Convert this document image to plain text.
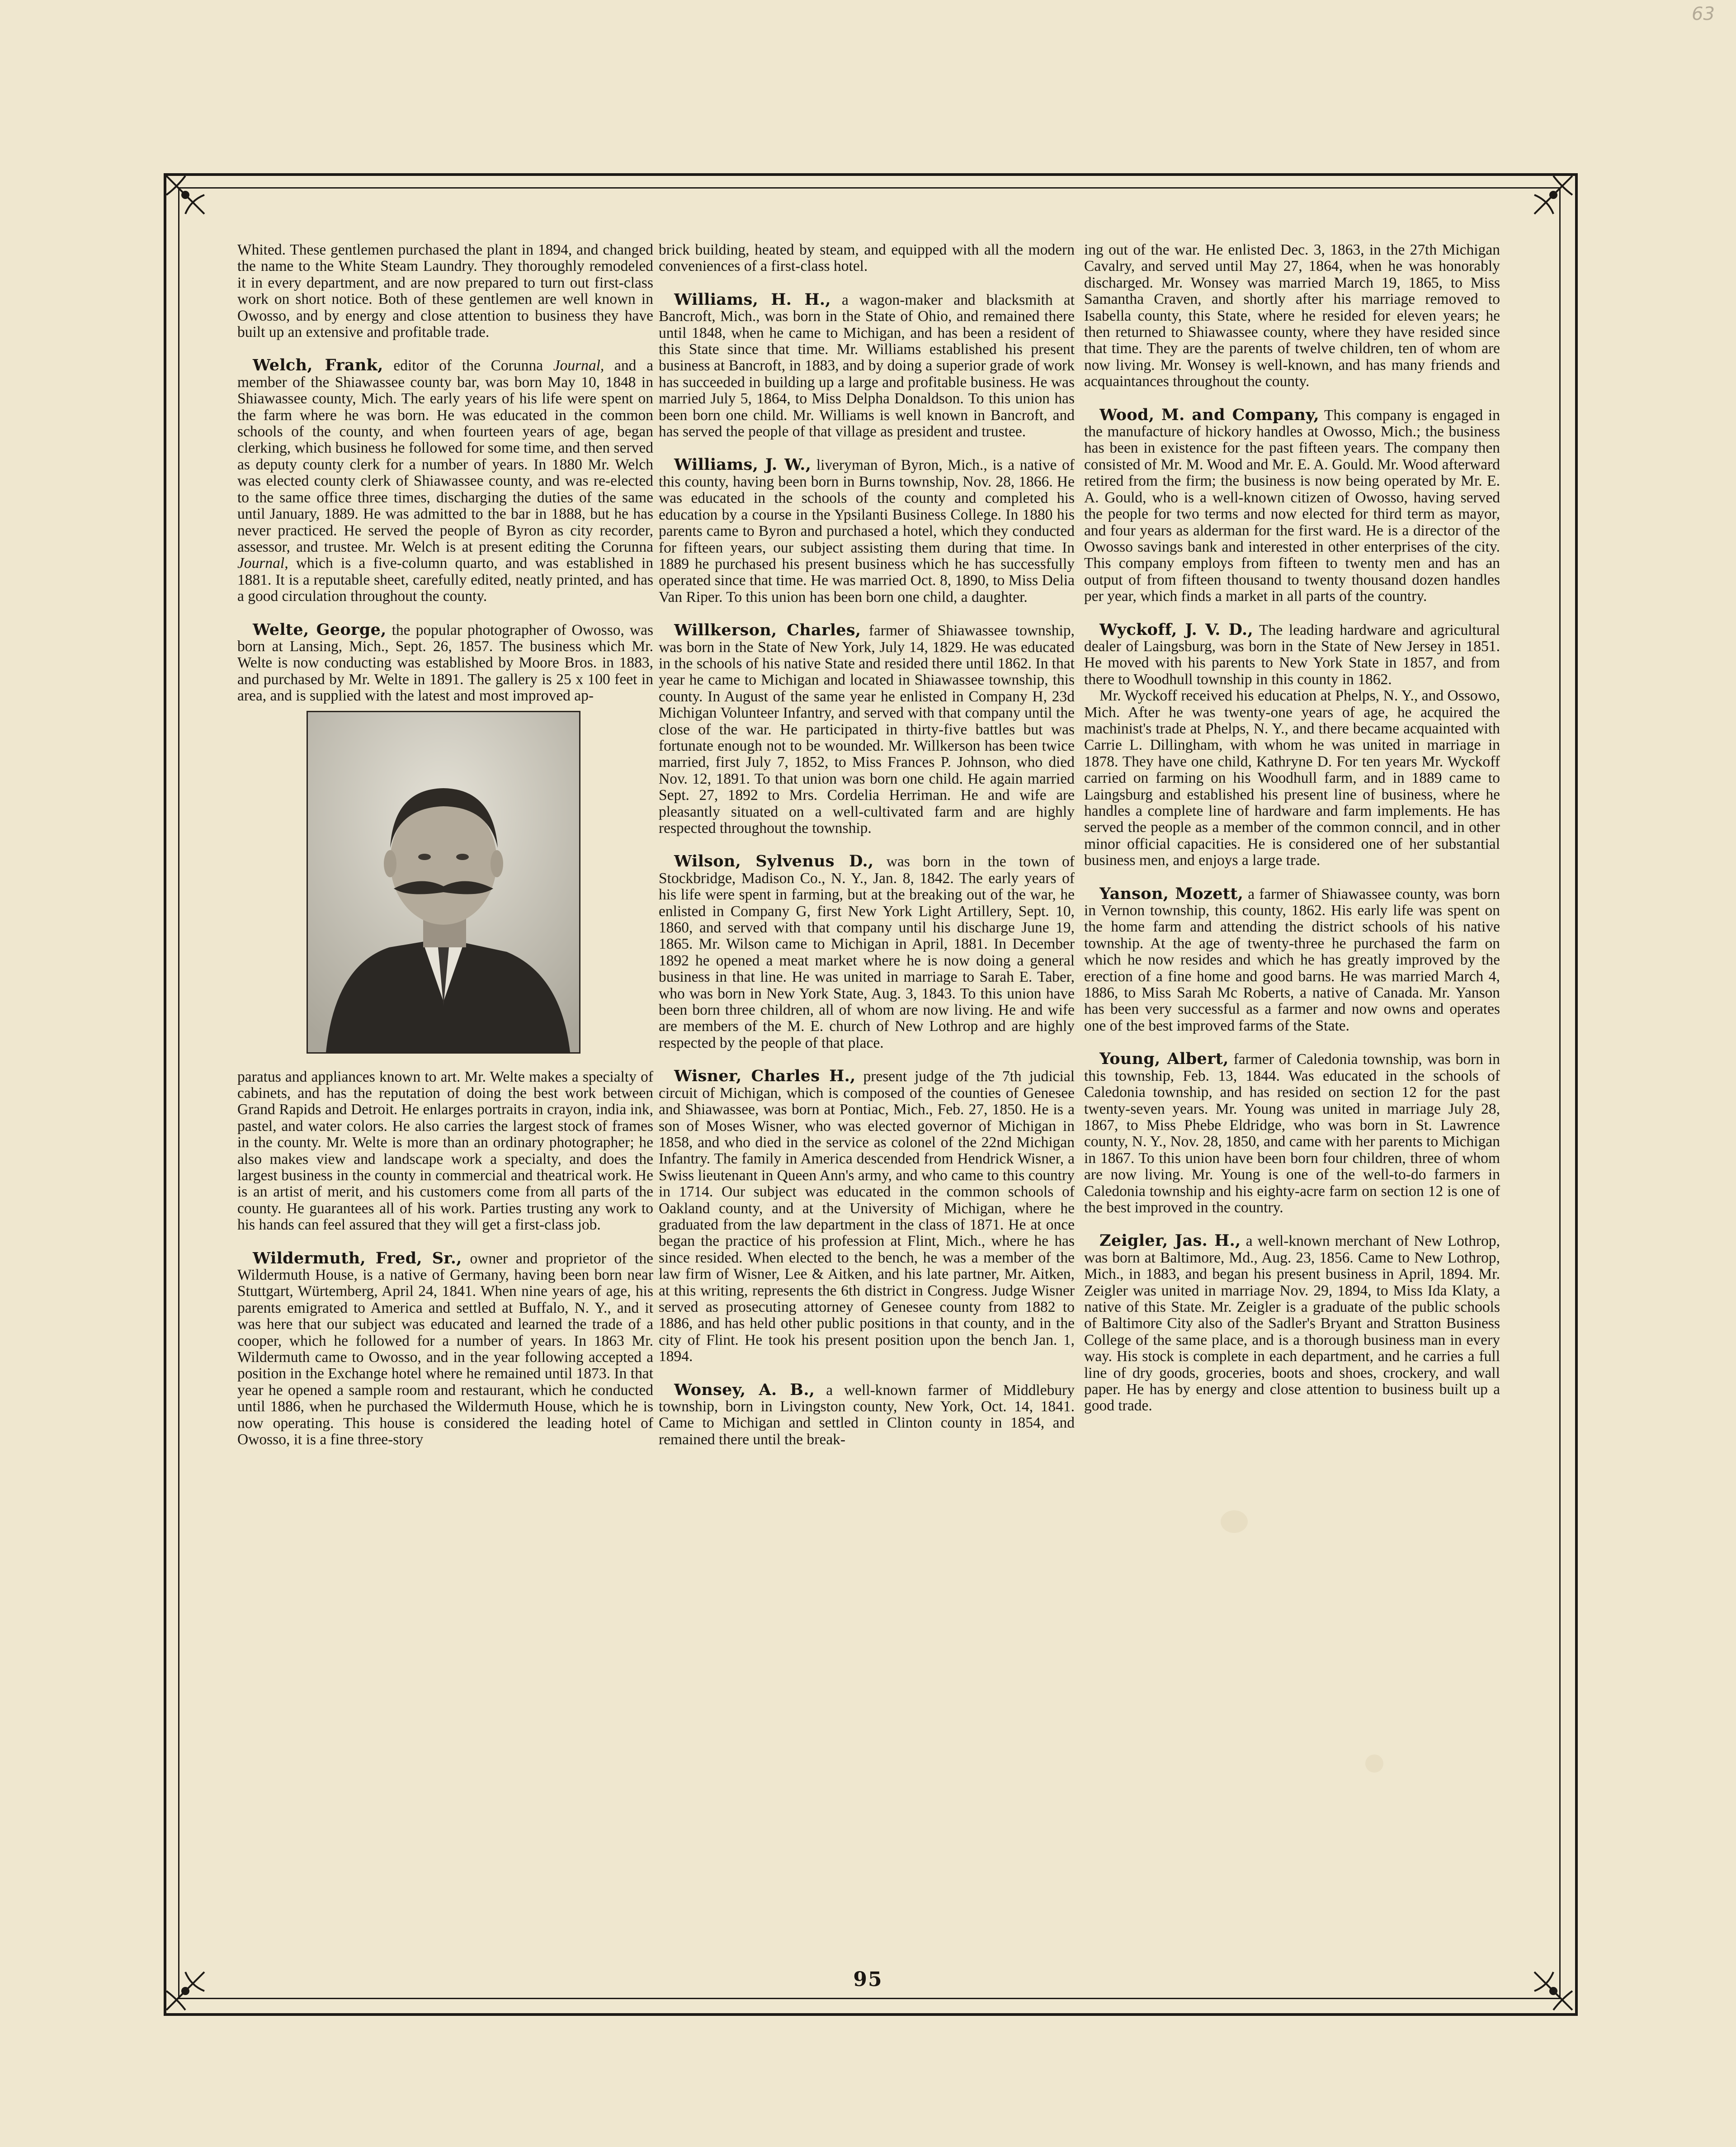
63

Whited. These gentlemen purchased the plant in 1894, and changed the name to the White Steam Laundry. They thoroughly remodeled it in every department, and are now prepared to turn out first-class work on short notice. Both of these gentlemen are well known in Owosso, and by energy and close attention to business they have built up an extensive and profitable trade.

Welch, Frank, editor of the Corunna Journal, and a member of the Shiawassee county bar, was born May 10, 1848 in Shiawassee county, Mich. The early years of his life were spent on the farm where he was born. He was educated in the common schools of the county, and when fourteen years of age, began clerking, which business he followed for some time, and then served as deputy county clerk for a number of years. In 1880 Mr. Welch was elected county clerk of Shiawassee county, and was re-elected to the same office three times, discharging the duties of the same until January, 1889. He was admitted to the bar in 1888, but he has never practiced. He served the people of Byron as city recorder, assessor, and trustee. Mr. Welch is at present editing the Corunna Journal, which is a five-column quarto, and was established in 1881. It is a reputable sheet, carefully edited, neatly printed, and has a good circulation throughout the county.

Welte, George, the popular photographer of Owosso, was born at Lansing, Mich., Sept. 26, 1857. The business which Mr. Welte is now conducting was established by Moore Bros. in 1883, and purchased by Mr. Welte in 1891. The gallery is 25 x 100 feet in area, and is supplied with the latest and most improved ap-

paratus and appliances known to art. Mr. Welte makes a specialty of cabinets, and has the reputation of doing the best work between Grand Rapids and Detroit. He enlarges portraits in crayon, india ink, pastel, and water colors. He also carries the largest stock of frames in the county. Mr. Welte is more than an ordinary photographer; he also makes view and landscape work a specialty, and does the largest business in the county in commercial and theatrical work. He is an artist of merit, and his customers come from all parts of the county. He guarantees all of his work. Parties trusting any work to his hands can feel assured that they will get a first-class job.

Wildermuth, Fred, Sr., owner and proprietor of the Wildermuth House, is a native of Germany, having been born near Stuttgart, Würtemberg, April 24, 1841. When nine years of age, his parents emigrated to America and settled at Buffalo, N. Y., and it was here that our subject was educated and learned the trade of a cooper, which he followed for a number of years. In 1863 Mr. Wildermuth came to Owosso, and in the year following accepted a position in the Exchange hotel where he remained until 1873. In that year he opened a sample room and restaurant, which he conducted until 1886, when he purchased the Wildermuth House, which he is now operating. This house is considered the leading hotel of Owosso, it is a fine three-story

brick building, heated by steam, and equipped with all the modern conveniences of a first-class hotel.

Williams, H. H., a wagon-maker and blacksmith at Bancroft, Mich., was born in the State of Ohio, and remained there until 1848, when he came to Michigan, and has been a resident of this State since that time. Mr. Williams established his present business at Bancroft, in 1883, and by doing a superior grade of work has succeeded in building up a large and profitable business. He was married July 5, 1864, to Miss Delpha Donaldson. To this union has been born one child. Mr. Williams is well known in Bancroft, and has served the people of that village as president and trustee.

Williams, J. W., liveryman of Byron, Mich., is a native of this county, having been born in Burns township, Nov. 28, 1866. He was educated in the schools of the county and completed his education by a course in the Ypsilanti Business College. In 1880 his parents came to Byron and purchased a hotel, which they conducted for fifteen years, our subject assisting them during that time. In 1889 he purchased his present business which he has successfully operated since that time. He was married Oct. 8, 1890, to Miss Delia Van Riper. To this union has been born one child, a daughter.

Willkerson, Charles, farmer of Shiawassee township, was born in the State of New York, July 14, 1829. He was educated in the schools of his native State and resided there until 1862. In that year he came to Michigan and located in Shiawassee township, this county. In August of the same year he enlisted in Company H, 23d Michigan Volunteer Infantry, and served with that company until the close of the war. He participated in thirty-five battles but was fortunate enough not to be wounded. Mr. Willkerson has been twice married, first July 7, 1852, to Miss Frances P. Johnson, who died Nov. 12, 1891. To that union was born one child. He again married Sept. 27, 1892 to Mrs. Cordelia Herriman. He and wife are pleasantly situated on a well-cultivated farm and are highly respected throughout the township.

Wilson, Sylvenus D., was born in the town of Stockbridge, Madison Co., N. Y., Jan. 8, 1842. The early years of his life were spent in farming, but at the breaking out of the war, he enlisted in Company G, first New York Light Artillery, Sept. 10, 1860, and served with that company until his discharge June 19, 1865. Mr. Wilson came to Michigan in April, 1881. In December 1892 he opened a meat market where he is now doing a general business in that line. He was united in marriage to Sarah E. Taber, who was born in New York State, Aug. 3, 1843. To this union have been born three children, all of whom are now living. He and wife are members of the M. E. church of New Lothrop and are highly respected by the people of that place.

Wisner, Charles H., present judge of the 7th judicial circuit of Michigan, which is composed of the counties of Genesee and Shiawassee, was born at Pontiac, Mich., Feb. 27, 1850. He is a son of Moses Wisner, who was elected governor of Michigan in 1858, and who died in the service as colonel of the 22nd Michigan Infantry. The family in America descended from Hendrick Wisner, a Swiss lieutenant in Queen Ann's army, and who came to this country in 1714. Our subject was educated in the common schools of Oakland county, and at the University of Michigan, where he graduated from the law department in the class of 1871. He at once began the practice of his profession at Flint, Mich., where he has since resided. When elected to the bench, he was a member of the law firm of Wisner, Lee & Aitken, and his late partner, Mr. Aitken, at this writing, represents the 6th district in Congress. Judge Wisner served as prosecuting attorney of Genesee county from 1882 to 1886, and has held other public positions in that county, and in the city of Flint. He took his present position upon the bench Jan. 1, 1894.

Wonsey, A. B., a well-known farmer of Middlebury township, born in Livingston county, New York, Oct. 14, 1841. Came to Michigan and settled in Clinton county in 1854, and remained there until the break-

ing out of the war. He enlisted Dec. 3, 1863, in the 27th Michigan Cavalry, and served until May 27, 1864, when he was honorably discharged. Mr. Wonsey was married March 19, 1865, to Miss Samantha Craven, and shortly after his marriage removed to Isabella county, this State, where he resided for eleven years; he then returned to Shiawassee county, where they have resided since that time. They are the parents of twelve children, ten of whom are now living. Mr. Wonsey is well-known, and has many friends and acquaintances throughout the county.

Wood, M. and Company, This company is engaged in the manufacture of hickory handles at Owosso, Mich.; the business has been in existence for the past fifteen years. The company then consisted of Mr. M. Wood and Mr. E. A. Gould. Mr. Wood afterward retired from the firm; the business is now being operated by Mr. E. A. Gould, who is a well-known citizen of Owosso, having served the people for two terms and now elected for third term as mayor, and four years as alderman for the first ward. He is a director of the Owosso savings bank and interested in other enterprises of the city. This company employs from fifteen to twenty men and has an output of from fifteen thousand to twenty thousand dozen handles per year, which finds a market in all parts of the country.

Wyckoff, J. V. D., The leading hardware and agricultural dealer of Laingsburg, was born in the State of New Jersey in 1851. He moved with his parents to New York State in 1857, and from there to Woodhull township in this county in 1862.

Mr. Wyckoff received his education at Phelps, N. Y., and Ossowo, Mich. After he was twenty-one years of age, he acquired the machinist's trade at Phelps, N. Y., and there became acquainted with Carrie L. Dillingham, with whom he was united in marriage in 1878. They have one child, Kathryne D. For ten years Mr. Wyckoff carried on farming on his Woodhull farm, and in 1889 came to Laingsburg and established his present line of business, where he handles a complete line of hardware and farm implements. He has served the people as a member of the common conncil, and in other minor official capacities. He is considered one of her substantial business men, and enjoys a large trade.

Yanson, Mozett, a farmer of Shiawassee county, was born in Vernon township, this county, 1862. His early life was spent on the home farm and attending the district schools of his native township. At the age of twenty-three he purchased the farm on which he now resides and which he has greatly improved by the erection of a fine home and good barns. He was married March 4, 1886, to Miss Sarah Mc Roberts, a native of Canada. Mr. Yanson has been very successful as a farmer and now owns and operates one of the best improved farms of the State.

Young, Albert, farmer of Caledonia township, was born in this township, Feb. 13, 1844. Was educated in the schools of Caledonia township, and has resided on section 12 for the past twenty-seven years. Mr. Young was united in marriage July 28, 1867, to Miss Phebe Eldridge, who was born in St. Lawrence county, N. Y., Nov. 28, 1850, and came with her parents to Michigan in 1867. To this union have been born four children, three of whom are now living. Mr. Young is one of the well-to-do farmers in Caledonia township and his eighty-acre farm on section 12 is one of the best improved in the country.

Zeigler, Jas. H., a well-known merchant of New Lothrop, was born at Baltimore, Md., Aug. 23, 1856. Came to New Lothrop, Mich., in 1883, and began his present business in April, 1894. Mr. Zeigler was united in marriage Nov. 29, 1894, to Miss Ida Klaty, a native of this State. Mr. Zeigler is a graduate of the public schools of Baltimore City also of the Sadler's Bryant and Stratton Business College of the same place, and is a thorough business man in every way. His stock is complete in each department, and he carries a full line of dry goods, groceries, boots and shoes, crockery, and wall paper. He has by energy and close attention to business built up a good trade.

95
